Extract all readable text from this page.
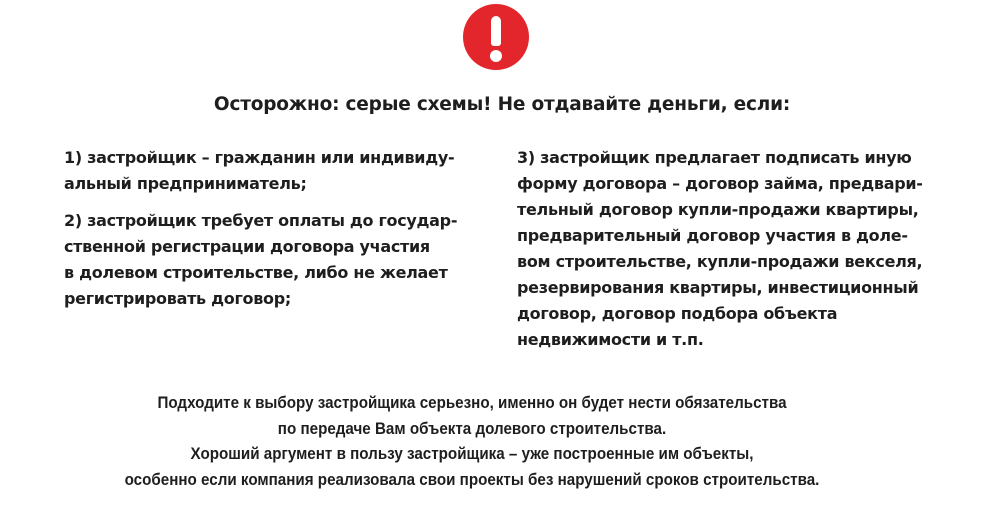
Осторожно: серые схемы! Не отдавайте деньги, если:

1) застройщик – гражданин или индивиду-

альный предприниматель;

2) застройщик требует оплаты до государ-

ственной регистрации договора участия

в долевом строительстве, либо не желает

регистрировать договор;

3) застройщик предлагает подписать иную

форму договора – договор займа, предвари-

тельный договор купли-продажи квартиры,

предварительный договор участия в доле-

вом строительстве, купли-продажи векселя,

резервирования квартиры, инвестиционный

договор, договор подбора объекта

недвижимости и т.п.

Подходите к выбору застройщика серьезно, именно он будет нести обязательства

по передаче Вам объекта долевого строительства.

Хороший аргумент в пользу застройщика – уже построенные им объекты,

особенно если компания реализовала свои проекты без нарушений сроков строительства.
